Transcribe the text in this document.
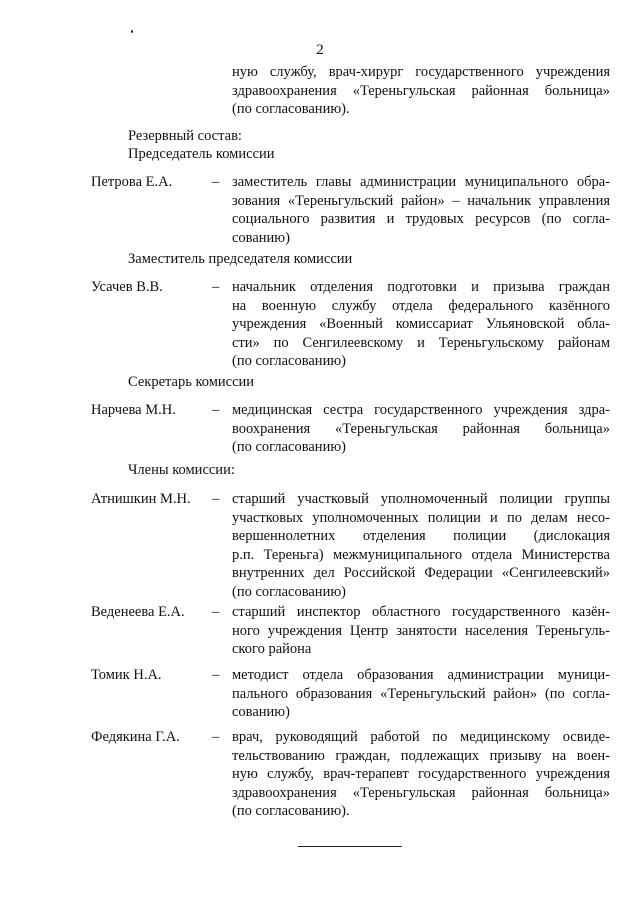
2
ную службу, врач-хирург государственного учреждения
здравоохранения «Тереньгульская районная больница»
(по согласованию).
Резервный состав:
Председатель комиссии
Петрова Е.А.	– заместитель главы администрации муниципального обра-
зования «Тереньгульский район» – начальник управления
социального развития и трудовых ресурсов (по согла-
сованию)
Заместитель председателя комиссии
Усачев В.В.	– начальник отделения подготовки и призыва граждан
на военную службу отдела федерального казённого
учреждения «Военный комиссариат Ульяновской обла-
сти» по Сенгилеевскому и Тереньгульскому районам
(по согласованию)
Секретарь комиссии
Нарчева М.Н. – медицинская сестра государственного учреждения здра-
воохранения «Тереньгульская районная больница»
(по согласованию)
Члены комиссии:
Атнишкин М.Н. – старший участковый уполномоченный полиции группы
участковых уполномоченных полиции и по делам несо-
вершеннолетних отделения полиции (дислокация
р.п. Тереньга) межмуниципального отдела Министерства
внутренних дел Российской Федерации «Сенгилеевский»
(по согласованию)
Веденеева Е.А. – старший инспектор областного государственного казён-
ного учреждения Центр занятости населения Тереньгуль-
ского района
Томик Н.А.	– методист отдела образования администрации муници-
пального образования «Тереньгульский район» (по согла-
сованию)
Федякина Г.А. – врач, руководящий работой по медицинскому освиде-
тельствованию граждан, подлежащих призыву на воен-
ную службу, врач-терапевт государственного учреждения
здравоохранения «Тереньгульская районная больница»
(по согласованию).
